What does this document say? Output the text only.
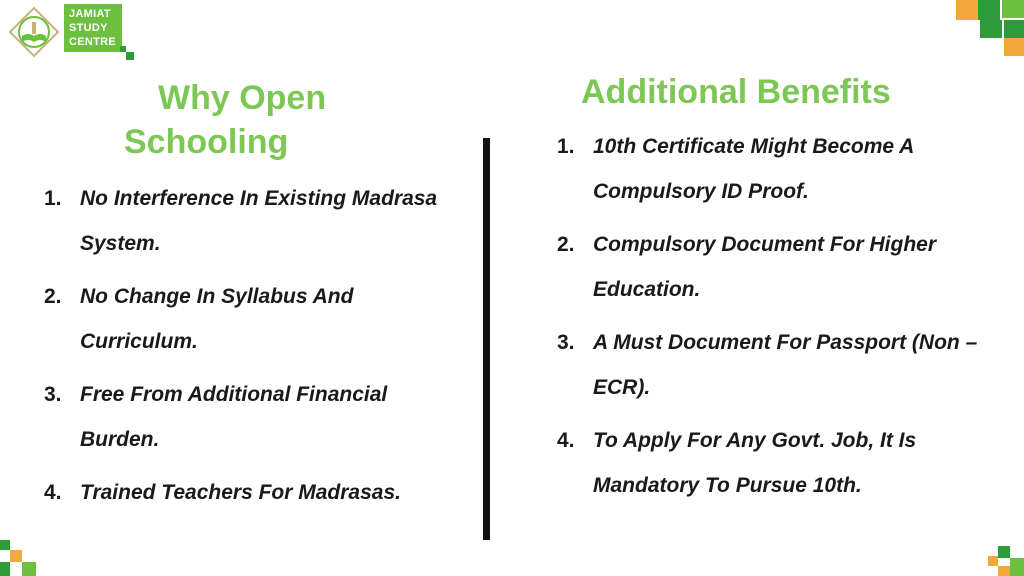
JAMIAT
STUDY
CENTRE
Why Open
Schooling
1. No Interference In Existing Madrasa System.
2. No Change In Syllabus And Curriculum.
3. Free From Additional Financial Burden.
4. Trained Teachers For Madrasas.
Additional Benefits
1. 10th Certificate Might Become A Compulsory ID Proof.
2. Compulsory Document For Higher Education.
3. A Must Document For Passport (Non –ECR).
4. To Apply For Any Govt. Job, It Is Mandatory To Pursue 10th.
